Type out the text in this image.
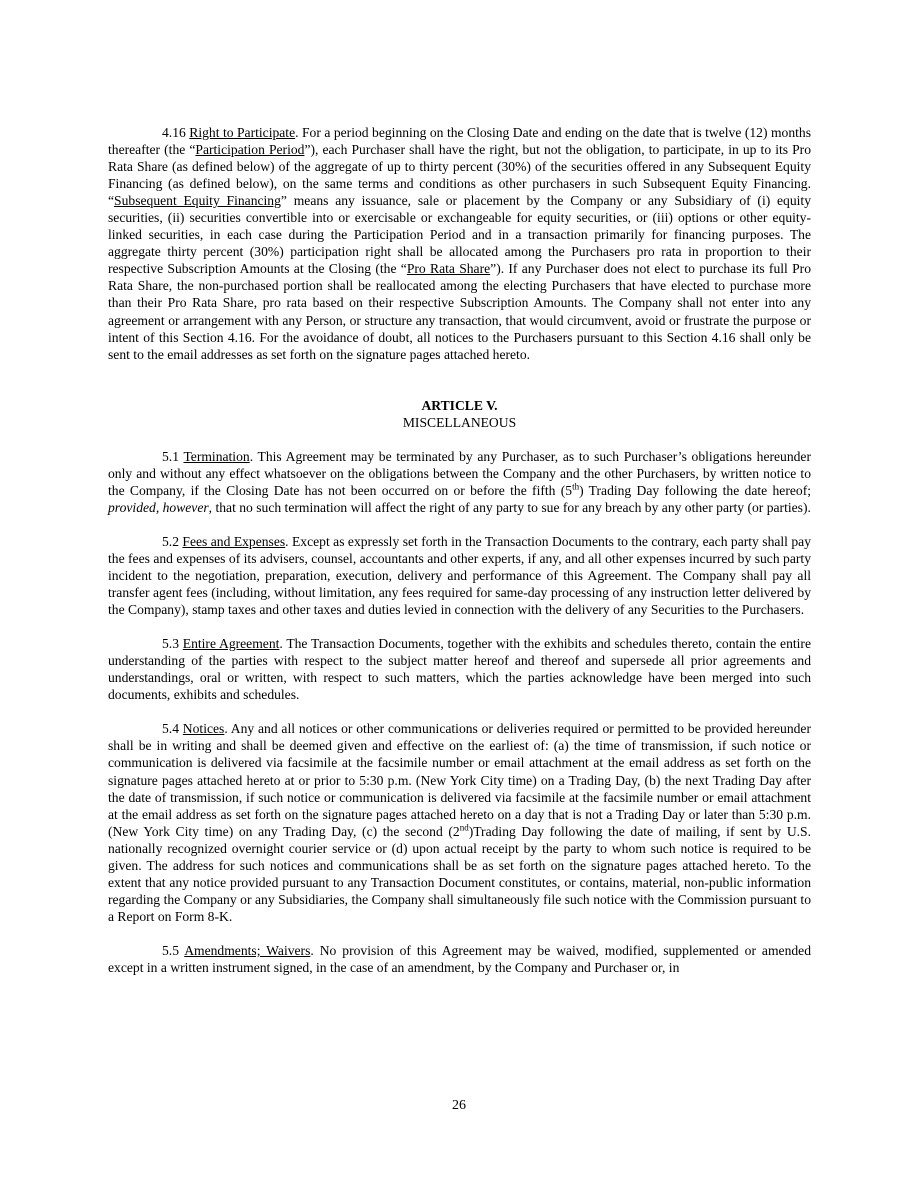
4.16 Right to Participate. For a period beginning on the Closing Date and ending on the date that is twelve (12) months thereafter (the “Participation Period”), each Purchaser shall have the right, but not the obligation, to participate, in up to its Pro Rata Share (as defined below) of the aggregate of up to thirty percent (30%) of the securities offered in any Subsequent Equity Financing (as defined below), on the same terms and conditions as other purchasers in such Subsequent Equity Financing. “Subsequent Equity Financing” means any issuance, sale or placement by the Company or any Subsidiary of (i) equity securities, (ii) securities convertible into or exercisable or exchangeable for equity securities, or (iii) options or other equity-linked securities, in each case during the Participation Period and in a transaction primarily for financing purposes. The aggregate thirty percent (30%) participation right shall be allocated among the Purchasers pro rata in proportion to their respective Subscription Amounts at the Closing (the “Pro Rata Share”). If any Purchaser does not elect to purchase its full Pro Rata Share, the non-purchased portion shall be reallocated among the electing Purchasers that have elected to purchase more than their Pro Rata Share, pro rata based on their respective Subscription Amounts. The Company shall not enter into any agreement or arrangement with any Person, or structure any transaction, that would circumvent, avoid or frustrate the purpose or intent of this Section 4.16. For the avoidance of doubt, all notices to the Purchasers pursuant to this Section 4.16 shall only be sent to the email addresses as set forth on the signature pages attached hereto.

ARTICLE V.

MISCELLANEOUS

5.1 Termination. This Agreement may be terminated by any Purchaser, as to such Purchaser’s obligations hereunder only and without any effect whatsoever on the obligations between the Company and the other Purchasers, by written notice to the Company, if the Closing Date has not been occurred on or before the fifth (5th) Trading Day following the date hereof; provided, however, that no such termination will affect the right of any party to sue for any breach by any other party (or parties).

5.2 Fees and Expenses. Except as expressly set forth in the Transaction Documents to the contrary, each party shall pay the fees and expenses of its advisers, counsel, accountants and other experts, if any, and all other expenses incurred by such party incident to the negotiation, preparation, execution, delivery and performance of this Agreement. The Company shall pay all transfer agent fees (including, without limitation, any fees required for same-day processing of any instruction letter delivered by the Company), stamp taxes and other taxes and duties levied in connection with the delivery of any Securities to the Purchasers.

5.3 Entire Agreement. The Transaction Documents, together with the exhibits and schedules thereto, contain the entire understanding of the parties with respect to the subject matter hereof and thereof and supersede all prior agreements and understandings, oral or written, with respect to such matters, which the parties acknowledge have been merged into such documents, exhibits and schedules.

5.4 Notices. Any and all notices or other communications or deliveries required or permitted to be provided hereunder shall be in writing and shall be deemed given and effective on the earliest of: (a) the time of transmission, if such notice or communication is delivered via facsimile at the facsimile number or email attachment at the email address as set forth on the signature pages attached hereto at or prior to 5:30 p.m. (New York City time) on a Trading Day, (b) the next Trading Day after the date of transmission, if such notice or communication is delivered via facsimile at the facsimile number or email attachment at the email address as set forth on the signature pages attached hereto on a day that is not a Trading Day or later than 5:30 p.m. (New York City time) on any Trading Day, (c) the second (2nd)Trading Day following the date of mailing, if sent by U.S. nationally recognized overnight courier service or (d) upon actual receipt by the party to whom such notice is required to be given. The address for such notices and communications shall be as set forth on the signature pages attached hereto. To the extent that any notice provided pursuant to any Transaction Document constitutes, or contains, material, non-public information regarding the Company or any Subsidiaries, the Company shall simultaneously file such notice with the Commission pursuant to a Report on Form 8-K.

5.5 Amendments; Waivers. No provision of this Agreement may be waived, modified, supplemented or amended except in a written instrument signed, in the case of an amendment, by the Company and Purchaser or, in

26
